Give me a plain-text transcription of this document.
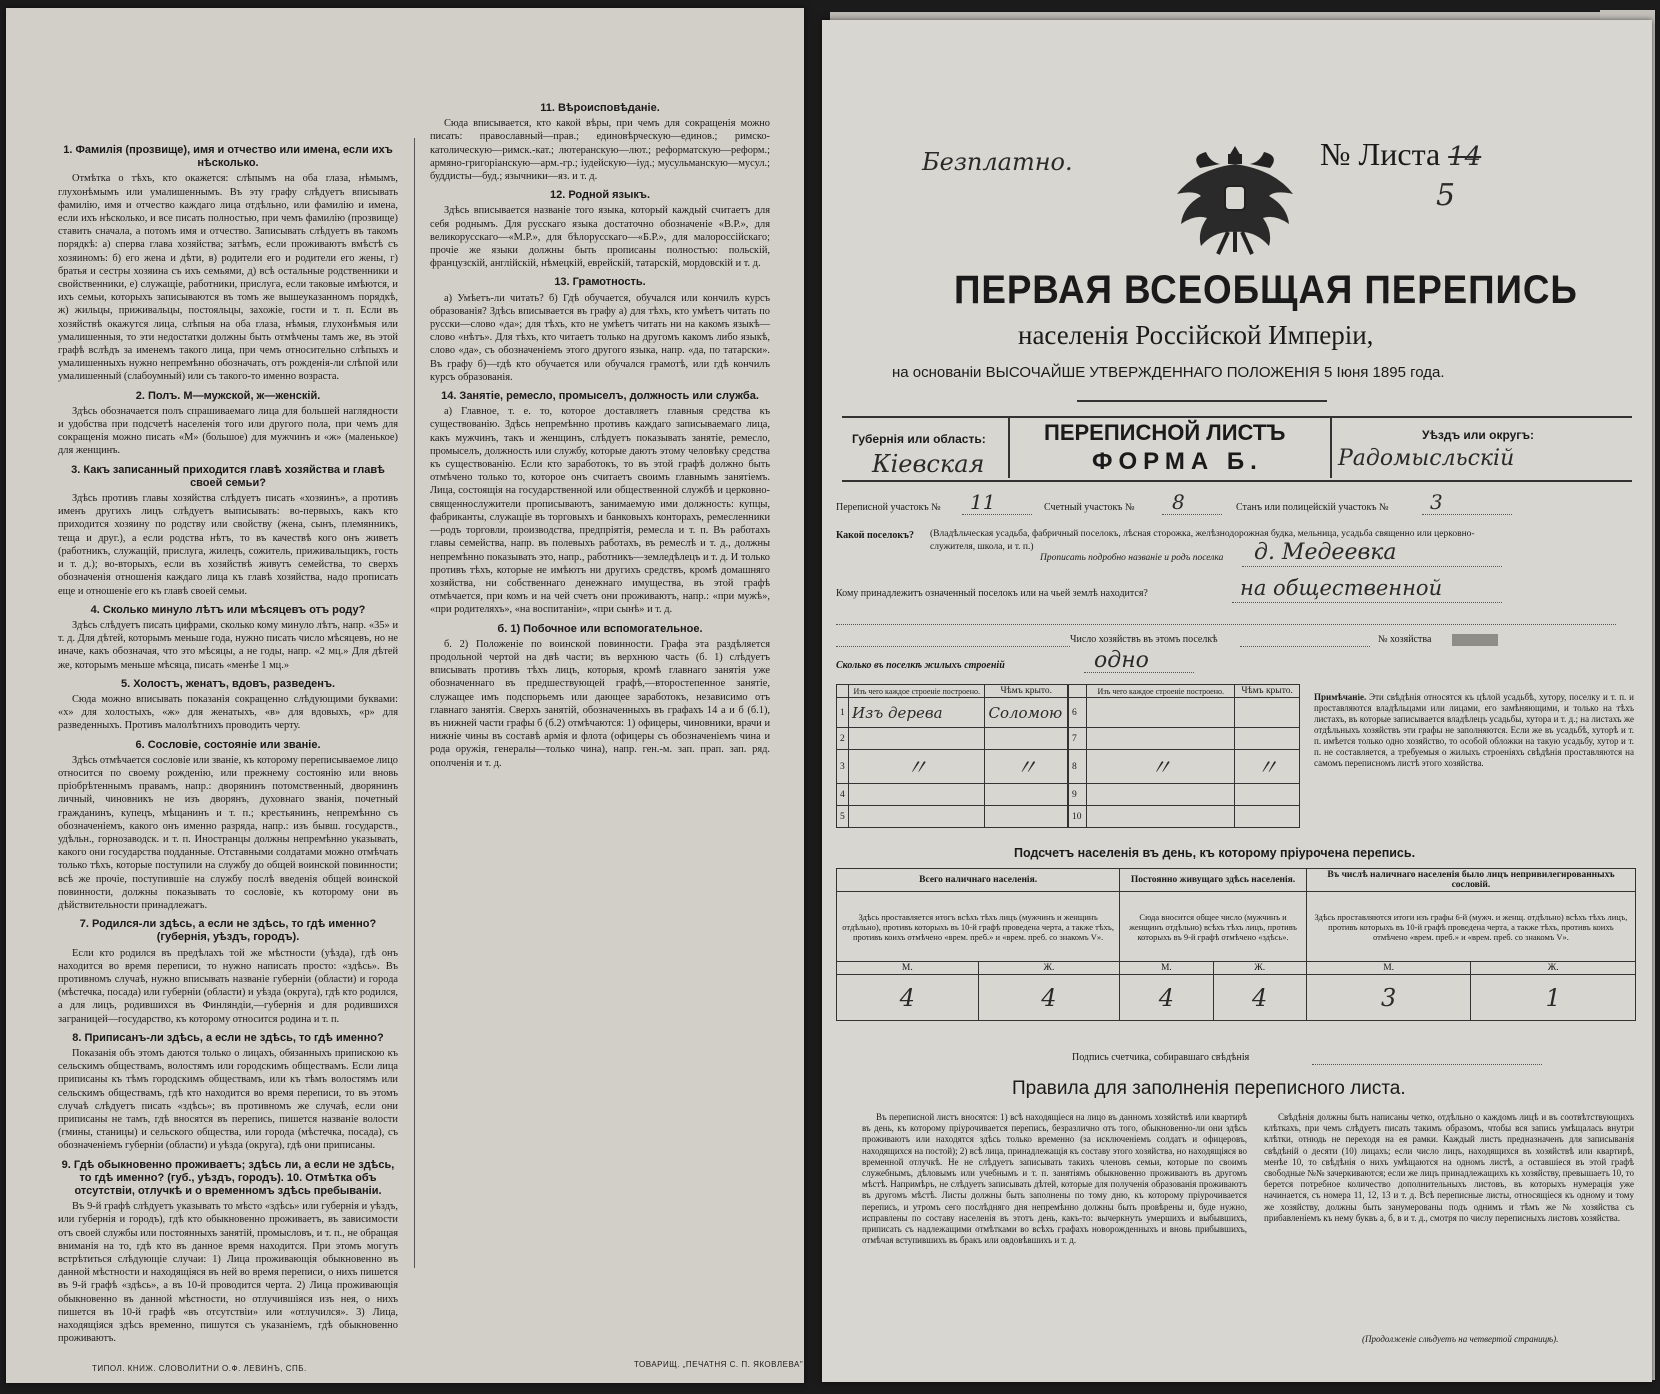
1. Фамилія (прозвище), имя и отчество или имена, если ихъ нѣсколько.

Отмѣтка о тѣхъ, кто окажется: слѣпымъ на оба глаза, нѣмымъ, глухонѣмымъ или умалишеннымъ. Въ эту графу слѣдуетъ вписывать фамилію, имя и отчество каждаго лица отдѣльно, или фамилію и имена, если ихъ нѣсколько, и все писать полностью, при чемъ фамилію (прозвище) ставить сначала, а потомъ имя и отчество. Записывать слѣдуетъ въ такомъ порядкѣ: а) сперва глава хозяйства; затѣмъ, если проживаютъ вмѣстѣ съ хозяиномъ: б) его жена и дѣти, в) родители его и родители его жены, г) братья и сестры хозяина съ ихъ семьями, д) всѣ остальные родственники и свойственники, е) служащіе, работники, прислуга, если таковые имѣются, и ихъ семьи, которыхъ записываются въ томъ же вышеуказанномъ порядкѣ, ж) жильцы, приживальцы, постояльцы, захожіе, гости и т. п. Если въ хозяйствѣ окажутся лица, слѣпыя на оба глаза, нѣмыя, глухонѣмыя или умалишенныя, то эти недостатки должны быть отмѣчены тамъ же, въ этой графѣ вслѣдъ за именемъ такого лица, при чемъ относительно слѣпыхъ и умалишенныхъ нужно непремѣнно обозначать, отъ рожденія-ли слѣпой или умалишенный (слабоумный) или съ такого-то именно возраста.

2. Полъ. М—мужской, ж—женскій.

Здѣсь обозначается полъ спрашиваемаго лица для большей наглядности и удобства при подсчетѣ населенія того или другого пола, при чемъ для сокращенія можно писать «М» (большое) для мужчинъ и «ж» (маленькое) для женщинъ.

3. Какъ записанный приходится главѣ хозяйства и главѣ своей семьи?

Здѣсь противъ главы хозяйства слѣдуетъ писать «хозяинъ», а противъ именъ другихъ лицъ слѣдуетъ выписывать: во-первыхъ, какъ кто приходится хозяину по родству или свойству (жена, сынъ, племянникъ, теща и друг.), а если родства нѣтъ, то въ качествѣ кого онъ живетъ (работникъ, служащій, прислуга, жилецъ, сожитель, приживальщикъ, гость и т. д.); во-вторыхъ, если въ хозяйствѣ живутъ семейства, то сверхъ обозначенія отношенія каждаго лица къ главѣ хозяйства, надо прописать еще и отношеніе его къ главѣ своей семьи.

4. Сколько минуло лѣтъ или мѣсяцевъ отъ роду?

Здѣсь слѣдуетъ писать цифрами, сколько кому минуло лѣтъ, напр. «35» и т. д. Для дѣтей, которымъ меньше года, нужно писать число мѣсяцевъ, но не иначе, какъ обозначая, что это мѣсяцы, а не годы, напр. «2 мц.» Для дѣтей же, которымъ меньше мѣсяца, писать «менѣе 1 мц.»

5. Холостъ, женатъ, вдовъ, разведенъ.

Сюда можно вписывать показанія сокращенно слѣдующими буквами: «х» для холостыхъ, «ж» для женатыхъ, «в» для вдовыхъ, «р» для разведенныхъ. Противъ малолѣтнихъ проводить черту.

6. Сословіе, состояніе или званіе.

Здѣсь отмѣчается сословіе или званіе, къ которому переписываемое лицо относится по своему рожденію, или прежнему состоянію или вновь пріобрѣтеннымъ правамъ, напр.: дворянинъ потомственный, дворянинъ личный, чиновникъ не изъ дворянъ, духовнаго званія, почетный гражданинъ, купецъ, мѣщанинъ и т. п.; крестьянинъ, непремѣнно съ обозначеніемъ, какого онъ именно разряда, напр.: изъ бывш. государств., удѣльн., горнозаводск. и т. п. Иностранцы должны непремѣнно указывать, какого они государства подданные. Отставными солдатами можно отмѣчать только тѣхъ, которые поступили на службу до общей воинской повинности; всѣ же прочіе, поступившіе на службу послѣ введенія общей воинской повинности, должны показывать то сословіе, къ которому они въ дѣйствительности принадлежатъ.

7. Родился-ли здѣсь, а если не здѣсь, то гдѣ именно? (губернія, уѣздъ, городъ).

Если кто родился въ предѣлахъ той же мѣстности (уѣзда), гдѣ онъ находится во время переписи, то нужно написать просто: «здѣсь». Въ противномъ случаѣ, нужно вписывать названіе губерніи (области) и города (мѣстечка, посада) или губерніи (области) и уѣзда (округа), гдѣ кто родился, а для лицъ, родившихся въ Финляндіи,—губернія и для родившихся заграницей—государство, къ которому относится родина и т. п.

8. Приписанъ-ли здѣсь, а если не здѣсь, то гдѣ именно?

Показанія объ этомъ даются только о лицахъ, обязанныхъ припискою къ сельскимъ обществамъ, волостямъ или городскимъ обществамъ. Если лица приписаны къ тѣмъ городскимъ обществамъ, или къ тѣмъ волостямъ или сельскимъ обществамъ, гдѣ кто находится во время переписи, то въ этомъ случаѣ слѣдуетъ писать «здѣсь»; въ противномъ же случаѣ, если они приписаны не тамъ, гдѣ вносятся въ перепись, пишется названіе волости (гмины, станицы) и сельского общества, или города (мѣстечка, посада), съ обозначеніемъ губерніи (области) и уѣзда (округа), гдѣ они приписаны.

9. Гдѣ обыкновенно проживаетъ; здѣсь ли, а если не здѣсь, то гдѣ именно? (губ., уѣздъ, городъ). 10. Отмѣтка объ отсутствіи, отлучкѣ и о временномъ здѣсь пребываніи.

Въ 9-й графѣ слѣдуетъ указывать то мѣсто «здѣсь» или губернія и уѣздъ, или губернія и городъ), гдѣ кто обыкновенно проживаетъ, въ зависимости отъ своей службы или постоянныхъ занятій, промысловъ, и т. п., не обращая вниманія на то, гдѣ кто въ данное время находится. При этомъ могутъ встрѣтиться слѣдующіе случаи: 1) Лица проживающія обыкновенно въ данной мѣстности и находящіяся въ ней во время переписи, о нихъ пишется въ 9-й графѣ «здѣсь», а въ 10-й проводится черта. 2) Лица проживающія обыкновенно въ данной мѣстности, но отлучившіяся изъ нея, о нихъ пишется въ 10-й графѣ «въ отсутствіи» или «отлучился». 3) Лица, находящіяся здѣсь временно, пишутся съ указаніемъ, гдѣ обыкновенно проживаютъ.

11. Вѣроисповѣданіе.

Сюда вписывается, кто какой вѣры, при чемъ для сокращенія можно писать: православный—прав.; единовѣрческую—единов.; римско-католическую—римск.-кат.; лютеранскую—лют.; реформатскую—реформ.; армяно-григоріанскую—арм.-гр.; іудейскую—іуд.; мусульманскую—мусул.; буддисты—буд.; язычники—яз. и т. д.

12. Родной языкъ.

Здѣсь вписывается названіе того языка, который каждый считаетъ для себя роднымъ. Для русскаго языка достаточно обозначеніе «В.Р.», для великорусскаго—«М.Р.», для бѣлорусскаго—«Б.Р.», для малороссійскаго; прочіе же языки должны быть прописаны полностью: польскій, французскій, англійскій, нѣмецкій, еврейскій, татарскій, мордовскій и т. д.

13. Грамотность.

а) Умѣетъ-ли читать? б) Гдѣ обучается, обучался или кончилъ курсъ образованія? Здѣсь вписывается въ графу а) для тѣхъ, кто умѣетъ читать по русски—слово «да»; для тѣхъ, кто не умѣетъ читать ни на какомъ языкѣ—слово «нѣтъ». Для тѣхъ, кто читаетъ только на другомъ какомъ либо языкѣ, слово «да», съ обозначеніемъ этого другого языка, напр. «да, по татарски». Въ графу б)—гдѣ кто обучается или обучался грамотѣ, или гдѣ кончилъ курсъ образованія.

14. Занятіе, ремесло, промыселъ, должность или служба.

а) Главное, т. е. то, которое доставляетъ главныя средства къ существованію. Здѣсь непремѣнно противъ каждаго записываемаго лица, какъ мужчинъ, такъ и женщинъ, слѣдуетъ показывать занятіе, ремесло, промыселъ, должность или службу, которые даютъ этому человѣку средства къ существованію. Если кто заработокъ, то въ этой графѣ должно быть отмѣчено только то, которое онъ считаетъ своимъ главнымъ занятіемъ. Лица, состоящія на государственной или общественной службѣ и церковно-священнослужители прописываютъ, занимаемую ими должность: купцы, фабриканты, служащіе въ торговыхъ и банковыхъ конторахъ, ремесленники—родъ торговли, производства, предпріятія, ремесла и т. п. Въ работахъ главы семейства, напр. въ полевыхъ работахъ, въ ремеслѣ и т. д., должны непремѣнно показывать это, напр., работникъ—земледѣлецъ и т. д. И только противъ тѣхъ, которые не имѣютъ ни другихъ средствъ, кромѣ домашняго хозяйства, ни собственнаго денежнаго имущества, въ этой графѣ отмѣчается, при комъ и на чей счетъ они проживаютъ, напр.: «при мужѣ», «при родителяхъ», «на воспитаніи», «при сынѣ» и т. д.

б. 1) Побочное или вспомогательное.

б. 2) Положеніе по воинской повинности. Графа эта раздѣляется продольной чертой на двѣ части; въ верхнюю часть (б. 1) слѣдуетъ вписывать противъ тѣхъ лицъ, которыя, кромѣ главнаго занятія уже обозначеннаго въ предшествующей графѣ,—второстепенное занятіе, служащее имъ подспорьемъ или дающее заработокъ, независимо отъ главнаго занятія. Сверхъ занятій, обозначенныхъ въ графахъ 14 а и б (б.1), въ нижней части графы б (б.2) отмѣчаются: 1) офицеры, чиновники, врачи и нижніе чины въ составѣ армія и флота (офицеры съ обозначеніемъ чина и рода оружія, генералы—только чина), напр. ген.-м. зап. прап. зап. ряд. ополченія и т. д.

ТИПОЛ. КНИЖ. СЛОВОЛИТНИ О.Ф. ЛЕВИНЪ, СПБ.	ТОВАРИЩ. „ПЕЧАТНЯ С. П. ЯКОВЛЕВА"
Безплатно.	№ Листа 14
5
ПЕРВАЯ ВСЕОБЩАЯ ПЕРЕПИСЬ
населенія Россійской Имперіи,
на основаніи ВЫСОЧАЙШЕ УТВЕРЖДЕННАГО ПОЛОЖЕНІЯ 5 Іюня 1895 года.
Губернія или область:
Кіевская
ПЕРЕПИСНОЙ ЛИСТЪ
ФОРМА Б.
Уѣздъ или округъ:
Радомысльскій
Переписной участокъ № 11	Счетный участокъ № 8	Станъ или полицейскій участокъ № 3
Какой поселокъ? (Владѣльческая усадьба, фабричный поселокъ, лѣсная сторожка, желѣзнодорожная будка, мельница, усадьба священно или церковно-служителя, школа, и т. п.)
Прописать подробно названіе и родъ поселка д. Медеевка
Кому принадлежитъ означенный поселокъ или на чьей землѣ находится?	на общественной
Число хозяйствъ въ этомъ поселкѣ	№ хозяйства
Сколько въ поселкѣ жилыхъ строеній	одно
	Изъ чего каждое строеніе построено.	Чѣмъ крыто.
1	Изъ дерева	Соломою
2		
3	〃	〃
4		
5		
	Изъ чего каждое строеніе построено.	Чѣмъ крыто.
6		
7		
8	〃	〃
9		
10		
Примѣчаніе. Эти свѣдѣнія относятся къ цѣлой усадьбѣ, хутору, поселку и т. п. и проставляются владѣльцами или лицами, его замѣняющими, и только на тѣхъ листахъ, въ которые записывается владѣлецъ усадьбы, хутора и т. д.; на листахъ же отдѣльныхъ хозяйствъ эти графы не заполняются. Если же въ усадьбѣ, хуторѣ и т. п. имѣется только одно хозяйство, то особой обложки на такую усадьбу, хутор и т. п. не составляется, а требуемыя о жилыхъ строеніяхъ свѣдѣнія проставляются на самомъ переписномъ листѣ этого хозяйства.
Подсчетъ населенія въ день, къ которому пріурочена перепись.
Всего наличнаго населенія.		Постоянно живущаго здѣсь населенія.		Въ числѣ наличнаго населенія было лицъ непривилегированныхъ сословій.	
Здѣсь проставляется итогъ всѣхъ тѣхъ лицъ (мужчинъ и женщинъ отдѣльно), противъ которыхъ въ 10-й графѣ проведена черта, а также тѣхъ, противъ коихъ отмѣчено «врем. преб.» и «врем. преб. со знакомъ V».		Сюда вносится общее число (мужчинъ и женщинъ отдѣльно) всѣхъ тѣхъ лицъ, противъ которыхъ въ 9-й графѣ отмѣчено «здѣсь».		Здѣсь проставляются итоги изъ графы 6-й (мужч. и женщ. отдѣльно) всѣхъ тѣхъ лицъ, противъ которыхъ въ 10-й графѣ проведена черта, а также тѣхъ, противъ коихъ отмѣчено «врем. преб.» и «врем. преб. со знакомъ V».	
М.	Ж.	М.	Ж.	М.	Ж.
4	4	4	4	3	1
Подпись счетчика, собиравшаго свѣдѣнія
Правила для заполненія переписного листа.
Въ переписной листъ вносятся: 1) всѣ находящіеся на лицо въ данномъ хозяйствѣ или квартирѣ въ день, къ которому пріурочивается перепись, безразлично отъ того, обыкновенно-ли они здѣсь проживаютъ или находятся здѣсь только временно (за исключеніемъ солдатъ и офицеровъ, находящихся на постой); 2) всѣ лица, принадлежащія къ составу этого хозяйства, но находящіяся во временной отлучкѣ. Не не слѣдуетъ записывать такихъ членовъ семьи, которые по своимъ служебнымъ, дѣловымъ или учебнымъ и т. п. занятіямъ обыкновенно проживаютъ въ другомъ мѣстѣ. Напримѣръ, не слѣдуетъ записывать дѣтей, которые для полученія образованія проживаютъ въ другомъ мѣстѣ. Листы должны быть заполнены по тому дню, къ которому пріурочивается перепись, и утромъ сего послѣдняго дня непремѣнно должны быть провѣрены и, буде нужно, исправлены по составу населенія въ этотъ день, какъ-то: вычеркнуть умершихъ и выбывшихъ, приписать съ надлежащими отмѣтками во всѣхъ графахъ новорожденныхъ и вновь прибывшихъ, отмѣчая вступившихъ въ бракъ или овдовѣвшихъ и т. д.
Свѣдѣнія должны быть написаны четко, отдѣльно о каждомъ лицѣ и въ соотвѣтствующихъ клѣткахъ, при чемъ слѣдуетъ писать такимъ образомъ, чтобы вся запись умѣщалась внутри клѣтки, отнюдь не переходя на ея рамки. Каждый листъ предназначенъ для записыванія свѣдѣній о десяти (10) лицахъ; если число лицъ, находящихся въ хозяйствѣ или квартирѣ, менѣе 10, то свѣдѣнія о нихъ умѣщаются на одномъ листѣ, а оставшіеся въ этой графѣ свободные №№ зачеркиваются; если же лицъ принадлежащихъ къ хозяйству, превышаетъ 10, то берется потребное количество дополнительныхъ листовъ, въ которыхъ нумерація уже начинается, съ номера 11, 12, 13 и т. д. Всѣ переписные листы, относящіеся къ одному и тому же хозяйству, должны быть занумерованы подъ однимъ и тѣмъ же № хозяйства съ прибавленіемъ къ нему буквъ а, б, в и т. д., смотря по числу переписныхъ листовъ хозяйства.
(Продолженіе слѣдуетъ на четвертой страницѣ).
